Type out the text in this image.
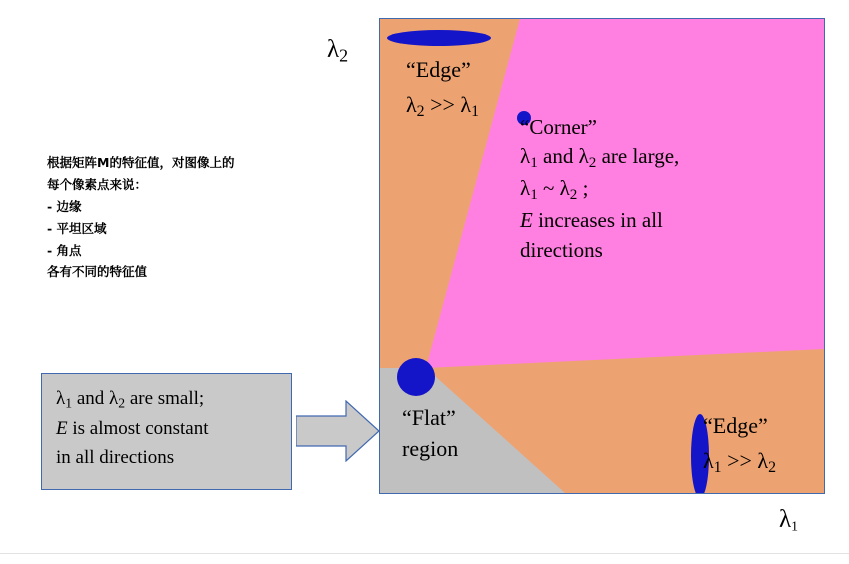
根据矩阵M的特征值，对图像上的
每个像素点来说：
- 边缘
- 平坦区域
- 角点
各有不同的特征值
$\lambda_1$ and $\lambda_2$ are small;
E is almost constant
in all directions
$\lambda_2$
$\lambda_1$
“Edge”
$\lambda_2 >> \lambda_1$
“Corner”
$\lambda_1$ and $\lambda_2$ are large,
$\lambda_1$ ~ $\lambda_2$ ;
E increases in all
directions
“Flat”
region
“Edge”
$\lambda_1 >> \lambda_2$
